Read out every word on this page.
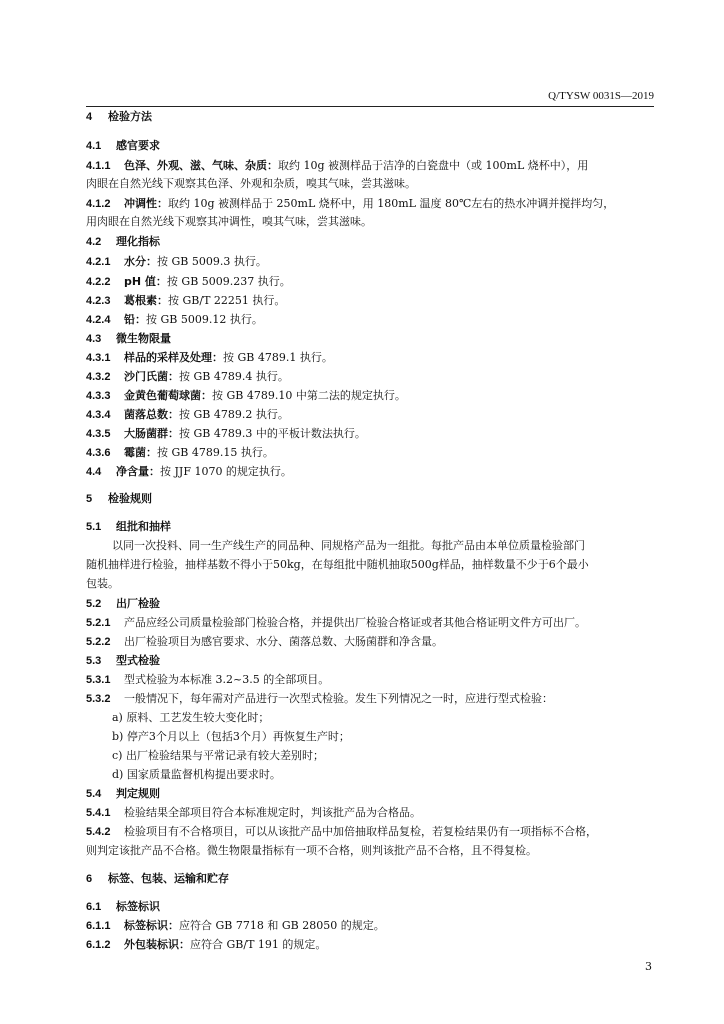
Q/TYSW 0031S—2019
4 检验方法
4.1 感官要求
4.1.1 色泽、外观、滋、气味、杂质：取约 10g 被测样品于洁净的白瓷盘中（或 100mL 烧杯中），用
肉眼在自然光线下观察其色泽、外观和杂质，嗅其气味，尝其滋味。
4.1.2 冲调性：取约 10g 被测样品于 250mL 烧杯中，用 180mL 温度 80℃左右的热水冲调并搅拌均匀，
用肉眼在自然光线下观察其冲调性，嗅其气味，尝其滋味。
4.2 理化指标
4.2.1 水分：按 GB 5009.3 执行。
4.2.2 pH 值：按 GB 5009.237 执行。
4.2.3 葛根素：按 GB/T 22251 执行。
4.2.4 铅：按 GB 5009.12 执行。
4.3 微生物限量
4.3.1 样品的采样及处理：按 GB 4789.1 执行。
4.3.2 沙门氏菌：按 GB 4789.4 执行。
4.3.3 金黄色葡萄球菌：按 GB 4789.10 中第二法的规定执行。
4.3.4 菌落总数：按 GB 4789.2 执行。
4.3.5 大肠菌群：按 GB 4789.3 中的平板计数法执行。
4.3.6 霉菌：按 GB 4789.15 执行。
4.4 净含量：按 JJF 1070 的规定执行。
5 检验规则
5.1 组批和抽样
以同一次投料、同一生产线生产的同品种、同规格产品为一组批。每批产品由本单位质量检验部门
随机抽样进行检验，抽样基数不得小于50kg，在每组批中随机抽取500g样品，抽样数量不少于6个最小
包装。
5.2 出厂检验
5.2.1 产品应经公司质量检验部门检验合格，并提供出厂检验合格证或者其他合格证明文件方可出厂。
5.2.2 出厂检验项目为感官要求、水分、菌落总数、大肠菌群和净含量。
5.3 型式检验
5.3.1 型式检验为本标准 3.2~3.5 的全部项目。
5.3.2 一般情况下，每年需对产品进行一次型式检验。发生下列情况之一时，应进行型式检验：
a) 原料、工艺发生较大变化时；
b) 停产3个月以上（包括3个月）再恢复生产时；
c) 出厂检验结果与平常记录有较大差别时；
d) 国家质量监督机构提出要求时。
5.4 判定规则
5.4.1 检验结果全部项目符合本标准规定时，判该批产品为合格品。
5.4.2 检验项目有不合格项目，可以从该批产品中加倍抽取样品复检，若复检结果仍有一项指标不合格，
则判定该批产品不合格。微生物限量指标有一项不合格，则判该批产品不合格，且不得复检。
6 标签、包装、运输和贮存
6.1 标签标识
6.1.1 标签标识：应符合 GB 7718 和 GB 28050 的规定。
6.1.2 外包装标识：应符合 GB/T 191 的规定。
3
